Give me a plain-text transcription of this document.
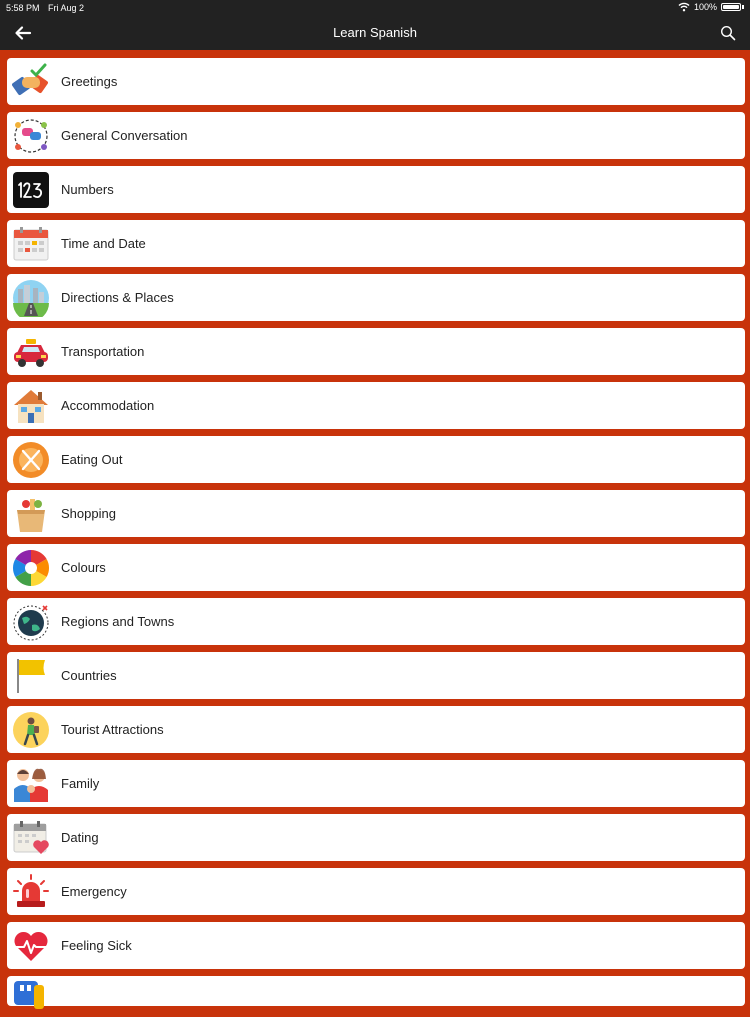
5:58 PM Fri Aug 2	100%
Learn Spanish
Greetings
General Conversation
Numbers
Time and Date
Directions & Places
Transportation
Accommodation
Eating Out
Shopping
Colours
Regions and Towns
Countries
Tourist Attractions
Family
Dating
Emergency
Feeling Sick
